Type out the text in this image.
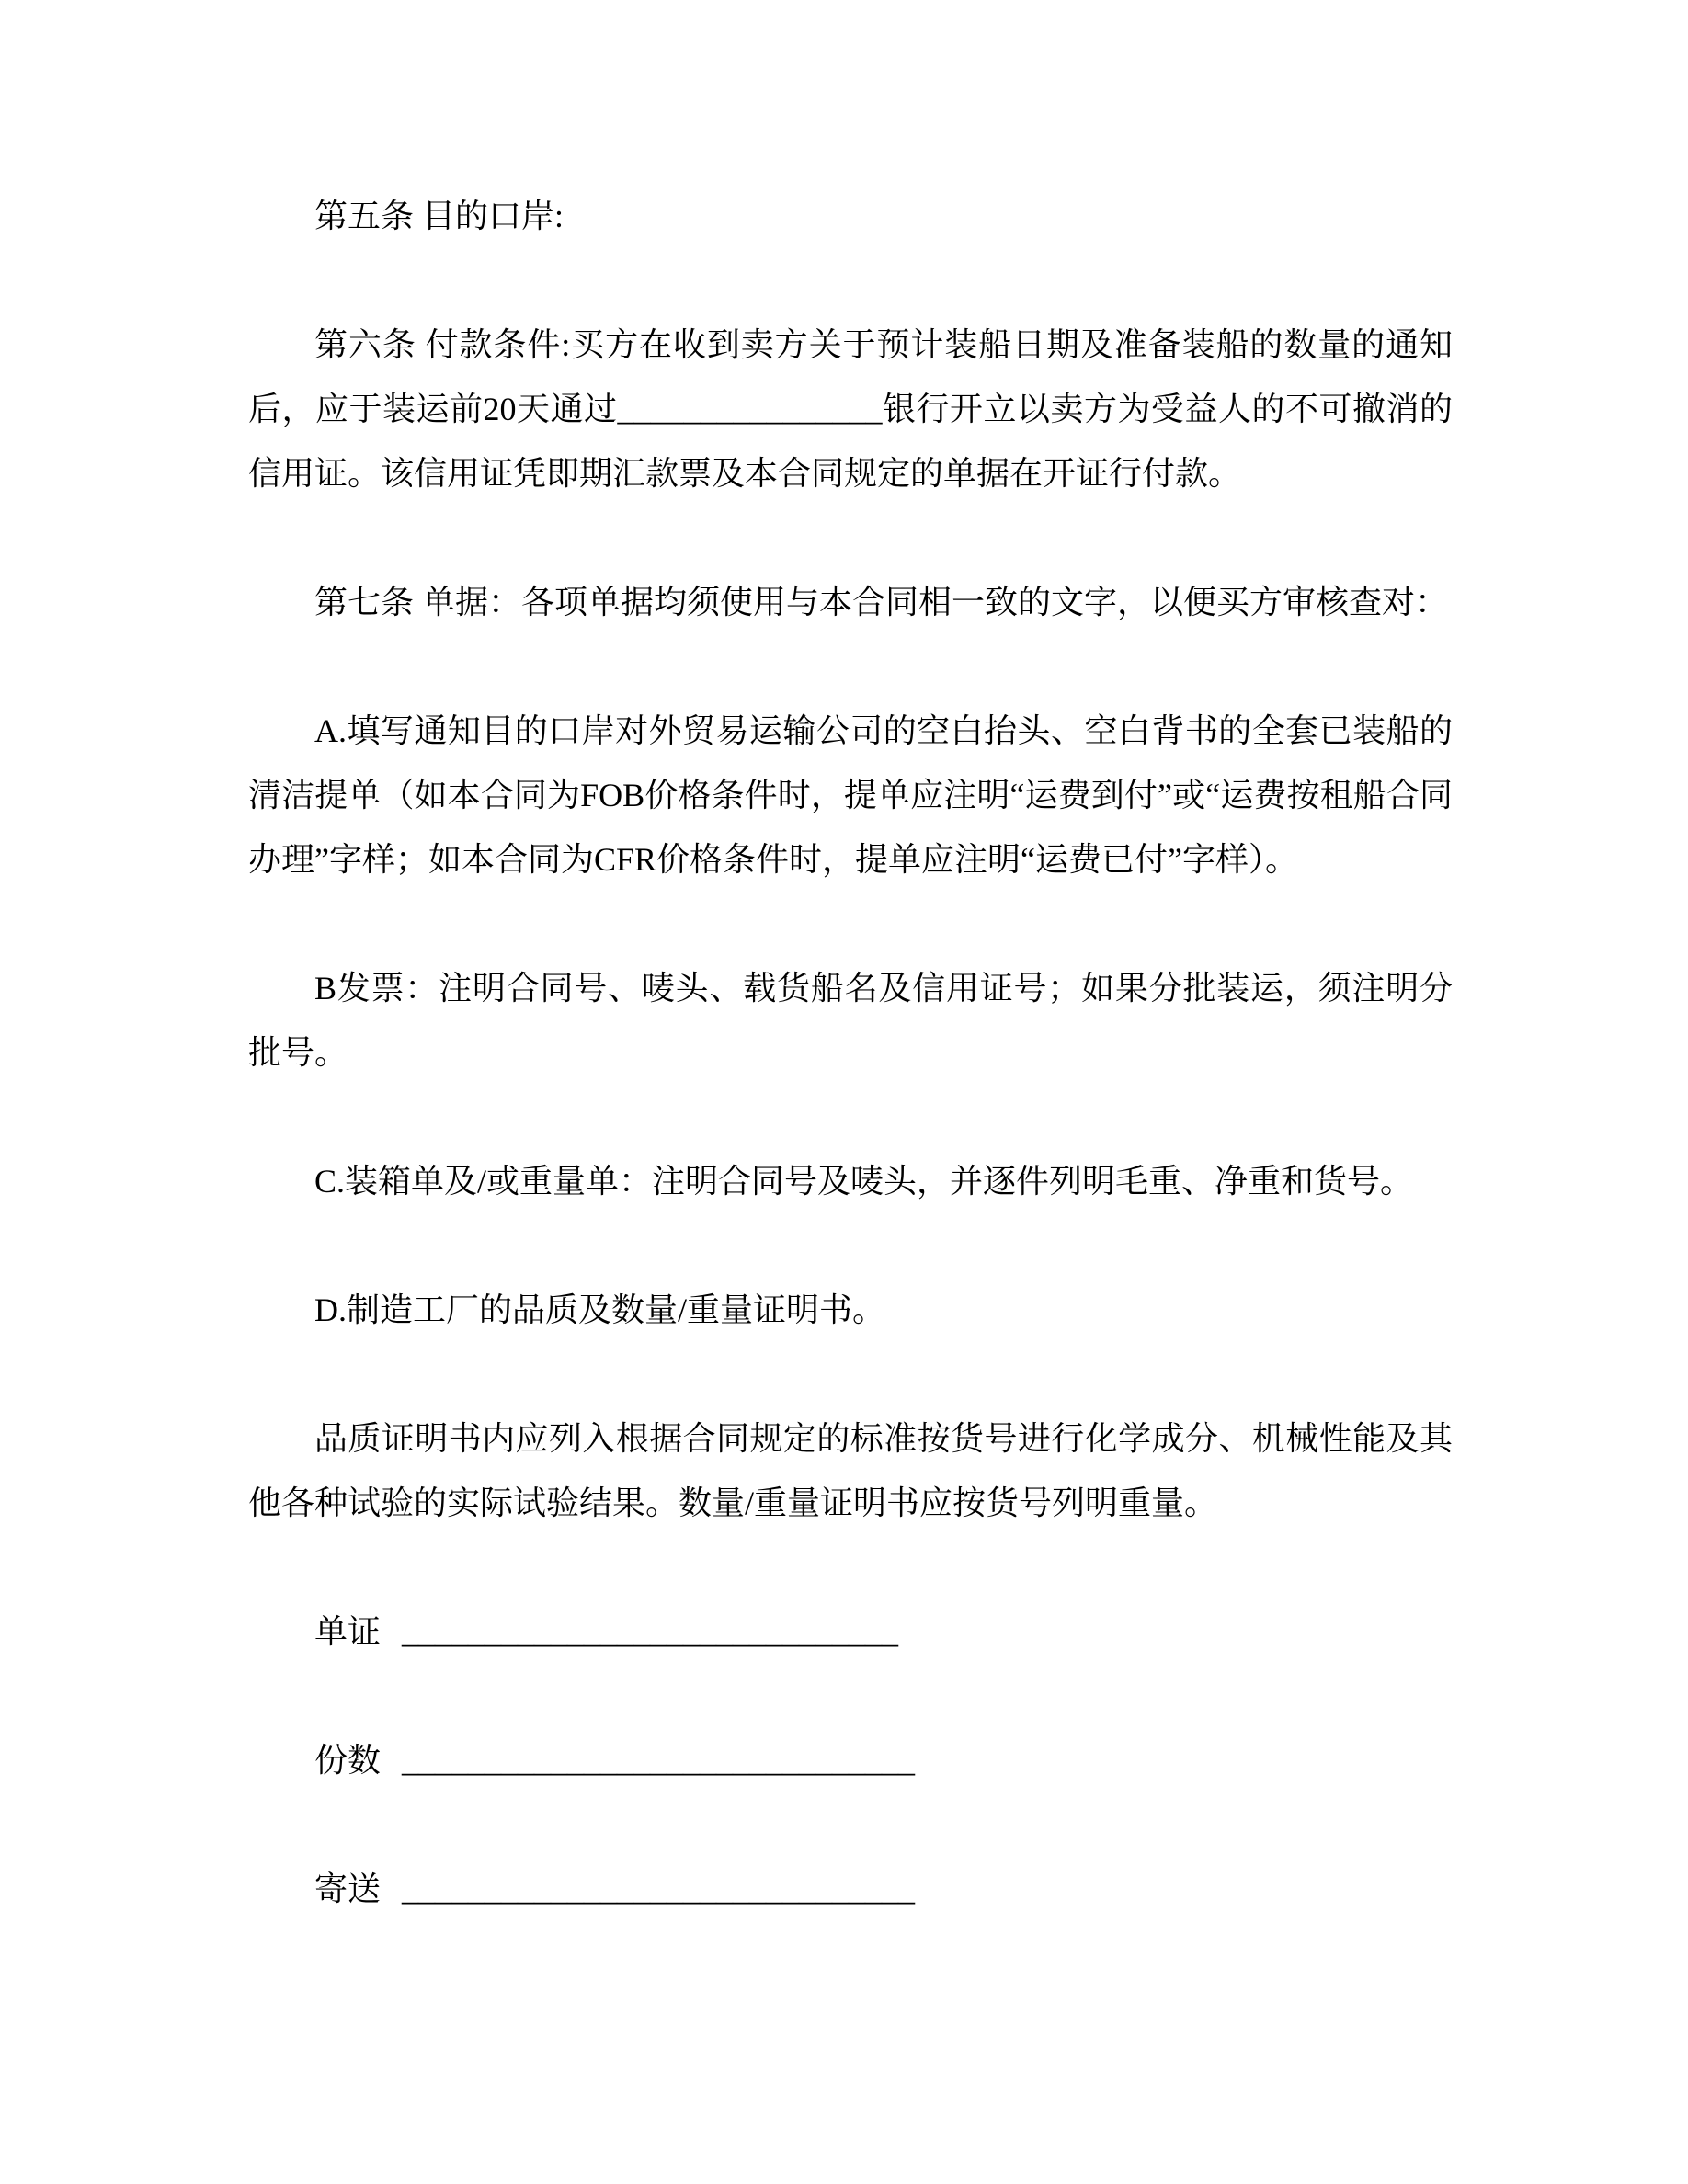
第五条 目的口岸:

第六条 付款条件:买方在收到卖方关于预计装船日期及准备装船的数量的通知后，应于装运前20天通过________________银行开立以卖方为受益人的不可撤消的信用证。该信用证凭即期汇款票及本合同规定的单据在开证行付款。

第七条 单据：各项单据均须使用与本合同相一致的文字，以便买方审核查对：

A.填写通知目的口岸对外贸易运输公司的空白抬头、空白背书的全套已装船的清洁提单（如本合同为FOB价格条件时，提单应注明“运费到付”或“运费按租船合同办理”字样；如本合同为CFR价格条件时，提单应注明“运费已付”字样）。

B发票：注明合同号、唛头、载货船名及信用证号；如果分批装运，须注明分批号。

C.装箱单及/或重量单：注明合同号及唛头，并逐件列明毛重、净重和货号。

D.制造工厂的品质及数量/重量证明书。

品质证明书内应列入根据合同规定的标准按货号进行化学成分、机械性能及其他各种试验的实际试验结果。数量/重量证明书应按货号列明重量。

单证 ______________________________

份数 _______________________________

寄送 _______________________________
